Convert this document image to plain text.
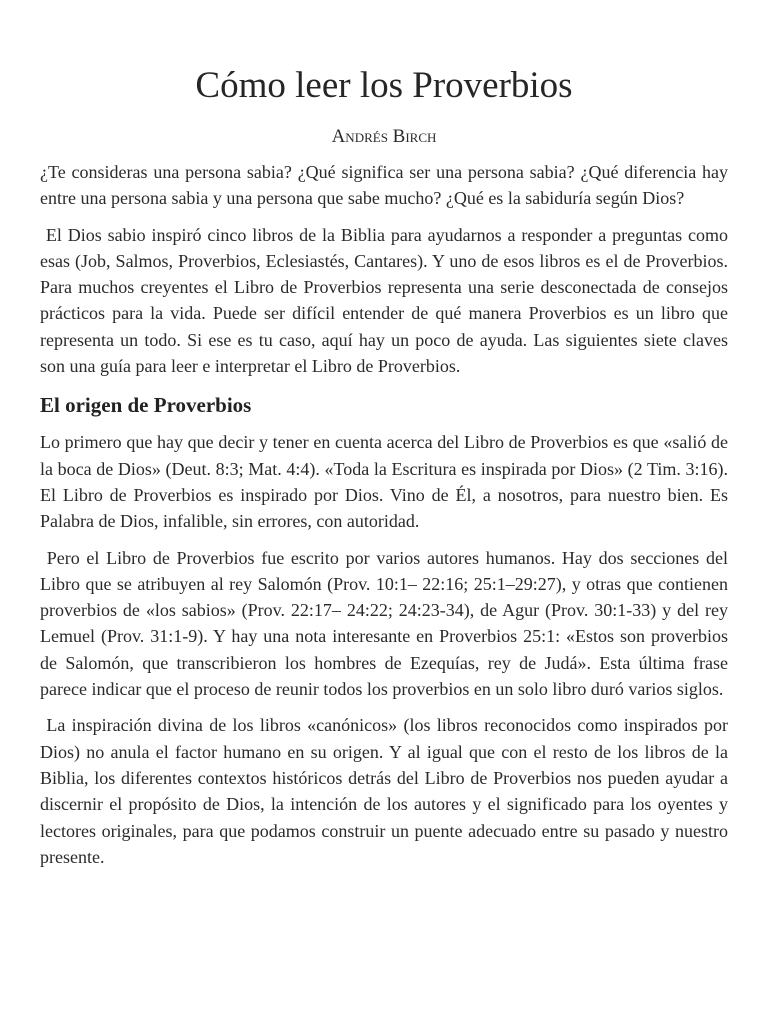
Cómo leer los Proverbios
Andrés Birch

¿Te consideras una persona sabia? ¿Qué significa ser una persona sabia? ¿Qué diferencia hay entre una persona sabia y una persona que sabe mucho? ¿Qué es la sabiduría según Dios?

El Dios sabio inspiró cinco libros de la Biblia para ayudarnos a responder a preguntas como esas (Job, Salmos, Proverbios, Eclesiastés, Cantares). Y uno de esos libros es el de Proverbios. Para muchos creyentes el Libro de Proverbios representa una serie desconectada de consejos prácticos para la vida. Puede ser difícil entender de qué manera Proverbios es un libro que representa un todo. Si ese es tu caso, aquí hay un poco de ayuda. Las siguientes siete claves son una guía para leer e interpretar el Libro de Proverbios.

El origen de Proverbios

Lo primero que hay que decir y tener en cuenta acerca del Libro de Proverbios es que «salió de la boca de Dios» (Deut. 8:3; Mat. 4:4). «Toda la Escritura es inspirada por Dios» (2 Tim. 3:16). El Libro de Proverbios es inspirado por Dios. Vino de Él, a nosotros, para nuestro bien. Es Palabra de Dios, infalible, sin errores, con autoridad.

Pero el Libro de Proverbios fue escrito por varios autores humanos. Hay dos secciones del Libro que se atribuyen al rey Salomón (Prov. 10:1– 22:16; 25:1–29:27), y otras que contienen proverbios de «los sabios» (Prov. 22:17– 24:22; 24:23-34), de Agur (Prov. 30:1-33) y del rey Lemuel (Prov. 31:1-9). Y hay una nota interesante en Proverbios 25:1: «Estos son proverbios de Salomón, que transcribieron los hombres de Ezequías, rey de Judá». Esta última frase parece indicar que el proceso de reunir todos los proverbios en un solo libro duró varios siglos.

La inspiración divina de los libros «canónicos» (los libros reconocidos como inspirados por Dios) no anula el factor humano en su origen. Y al igual que con el resto de los libros de la Biblia, los diferentes contextos históricos detrás del Libro de Proverbios nos pueden ayudar a discernir el propósito de Dios, la intención de los autores y el significado para los oyentes y lectores originales, para que podamos construir un puente adecuado entre su pasado y nuestro presente.
